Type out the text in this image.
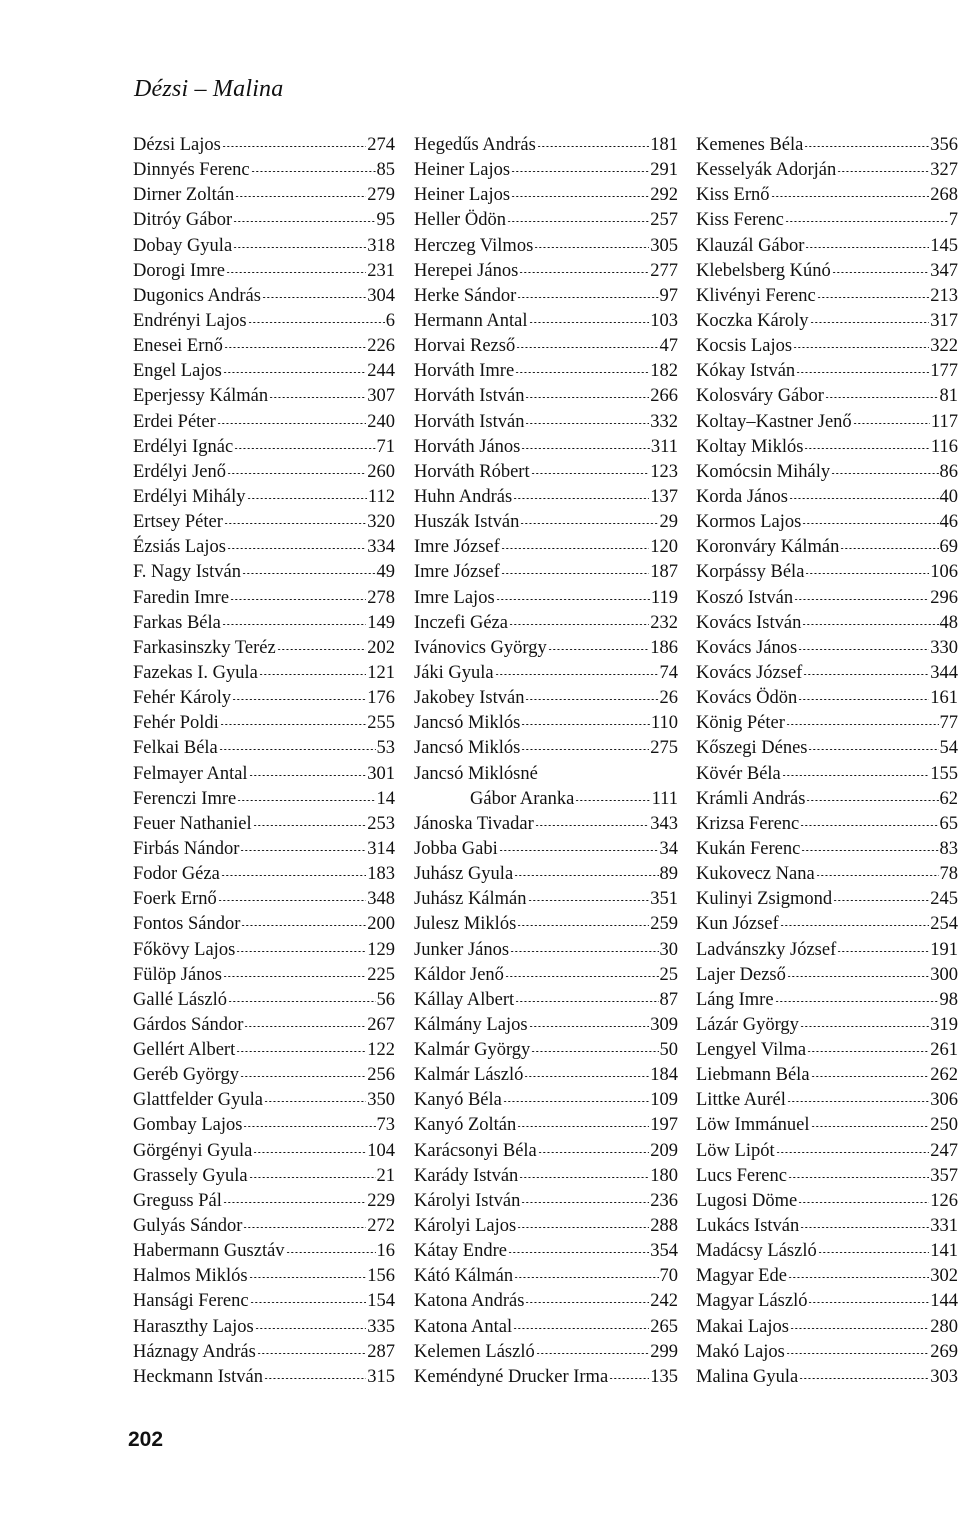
Dézsi – Malina
Dézsi Lajos	274
Dinnyés Ferenc	85
Dirner Zoltán	279
Ditróy Gábor	95
Dobay Gyula	318
Dorogi Imre	231
Dugonics András	304
Endrényi Lajos	6
Enesei Ernő	226
Engel Lajos	244
Eperjessy Kálmán	307
Erdei Péter	240
Erdélyi Ignác	71
Erdélyi Jenő	260
Erdélyi Mihály	112
Ertsey Péter	320
Ézsiás Lajos	334
F. Nagy István	49
Faredin Imre	278
Farkas Béla	149
Farkasinszky Teréz	202
Fazekas I. Gyula	121
Fehér Károly	176
Fehér Poldi	255
Felkai Béla	53
Felmayer Antal	301
Ferenczi Imre	14
Feuer Nathaniel	253
Firbás Nándor	314
Fodor Géza	183
Foerk Ernő	348
Fontos Sándor	200
Főkövy Lajos	129
Fülöp János	225
Gallé László	56
Gárdos Sándor	267
Gellért Albert	122
Geréb György	256
Glattfelder Gyula	350
Gombay Lajos	73
Görgényi Gyula	104
Grassely Gyula	21
Greguss Pál	229
Gulyás Sándor	272
Habermann Gusztáv	16
Halmos Miklós	156
Hansági Ferenc	154
Haraszthy Lajos	335
Háznagy András	287
Heckmann István	315
Hegedűs András	181
Heiner Lajos	291
Heiner Lajos	292
Heller Ödön	257
Herczeg Vilmos	305
Herepei János	277
Herke Sándor	97
Hermann Antal	103
Horvai Rezső	47
Horváth Imre	182
Horváth István	266
Horváth István	332
Horváth János	311
Horváth Róbert	123
Huhn András	137
Huszák István	29
Imre József	120
Imre József	187
Imre Lajos	119
Inczefi Géza	232
Ivánovics György	186
Jáki Gyula	74
Jakobey István	26
Jancsó Miklós	110
Jancsó Miklós	275
Jancsó Miklósné
Gábor Aranka	111
Jánoska Tivadar	343
Jobba Gabi	34
Juhász Gyula	89
Juhász Kálmán	351
Julesz Miklós	259
Junker János	30
Káldor Jenő	25
Kállay Albert	87
Kálmány Lajos	309
Kalmár György	50
Kalmár László	184
Kanyó Béla	109
Kanyó Zoltán	197
Karácsonyi Béla	209
Karády István	180
Károlyi István	236
Károlyi Lajos	288
Kátay Endre	354
Kátó Kálmán	70
Katona András	242
Katona Antal	265
Kelemen László	299
Keméndyné Drucker Irma 135
Kemenes Béla	356
Kesselyák Adorján	327
Kiss Ernő	268
Kiss Ferenc	7
Klauzál Gábor	145
Klebelsberg Kúnó	347
Klivényi Ferenc	213
Koczka Károly	317
Kocsis Lajos	322
Kókay István	177
Kolosváry Gábor	81
Koltay–Kastner Jenő	117
Koltay Miklós	116
Komócsin Mihály	86
Korda János	40
Kormos Lajos	46
Koronváry Kálmán	69
Korpássy Béla	106
Koszó István	296
Kovács István	48
Kovács János	330
Kovács József	344
Kovács Ödön	161
König Péter	77
Kőszegi Dénes	54
Kövér Béla	155
Krámli András	62
Krizsa Ferenc	65
Kukán Ferenc	83
Kukovecz Nana	78
Kulinyi Zsigmond	245
Kun József	254
Ladvánszky József	191
Lajer Dezső	300
Láng Imre	98
Lázár György	319
Lengyel Vilma	261
Liebmann Béla	262
Littke Aurél	306
Löw Immánuel	250
Löw Lipót	247
Lucs Ferenc	357
Lugosi Döme	126
Lukács István	331
Madácsy László	141
Magyar Ede	302
Magyar László	144
Makai Lajos	280
Makó Lajos	269
Malina Gyula	303
202
